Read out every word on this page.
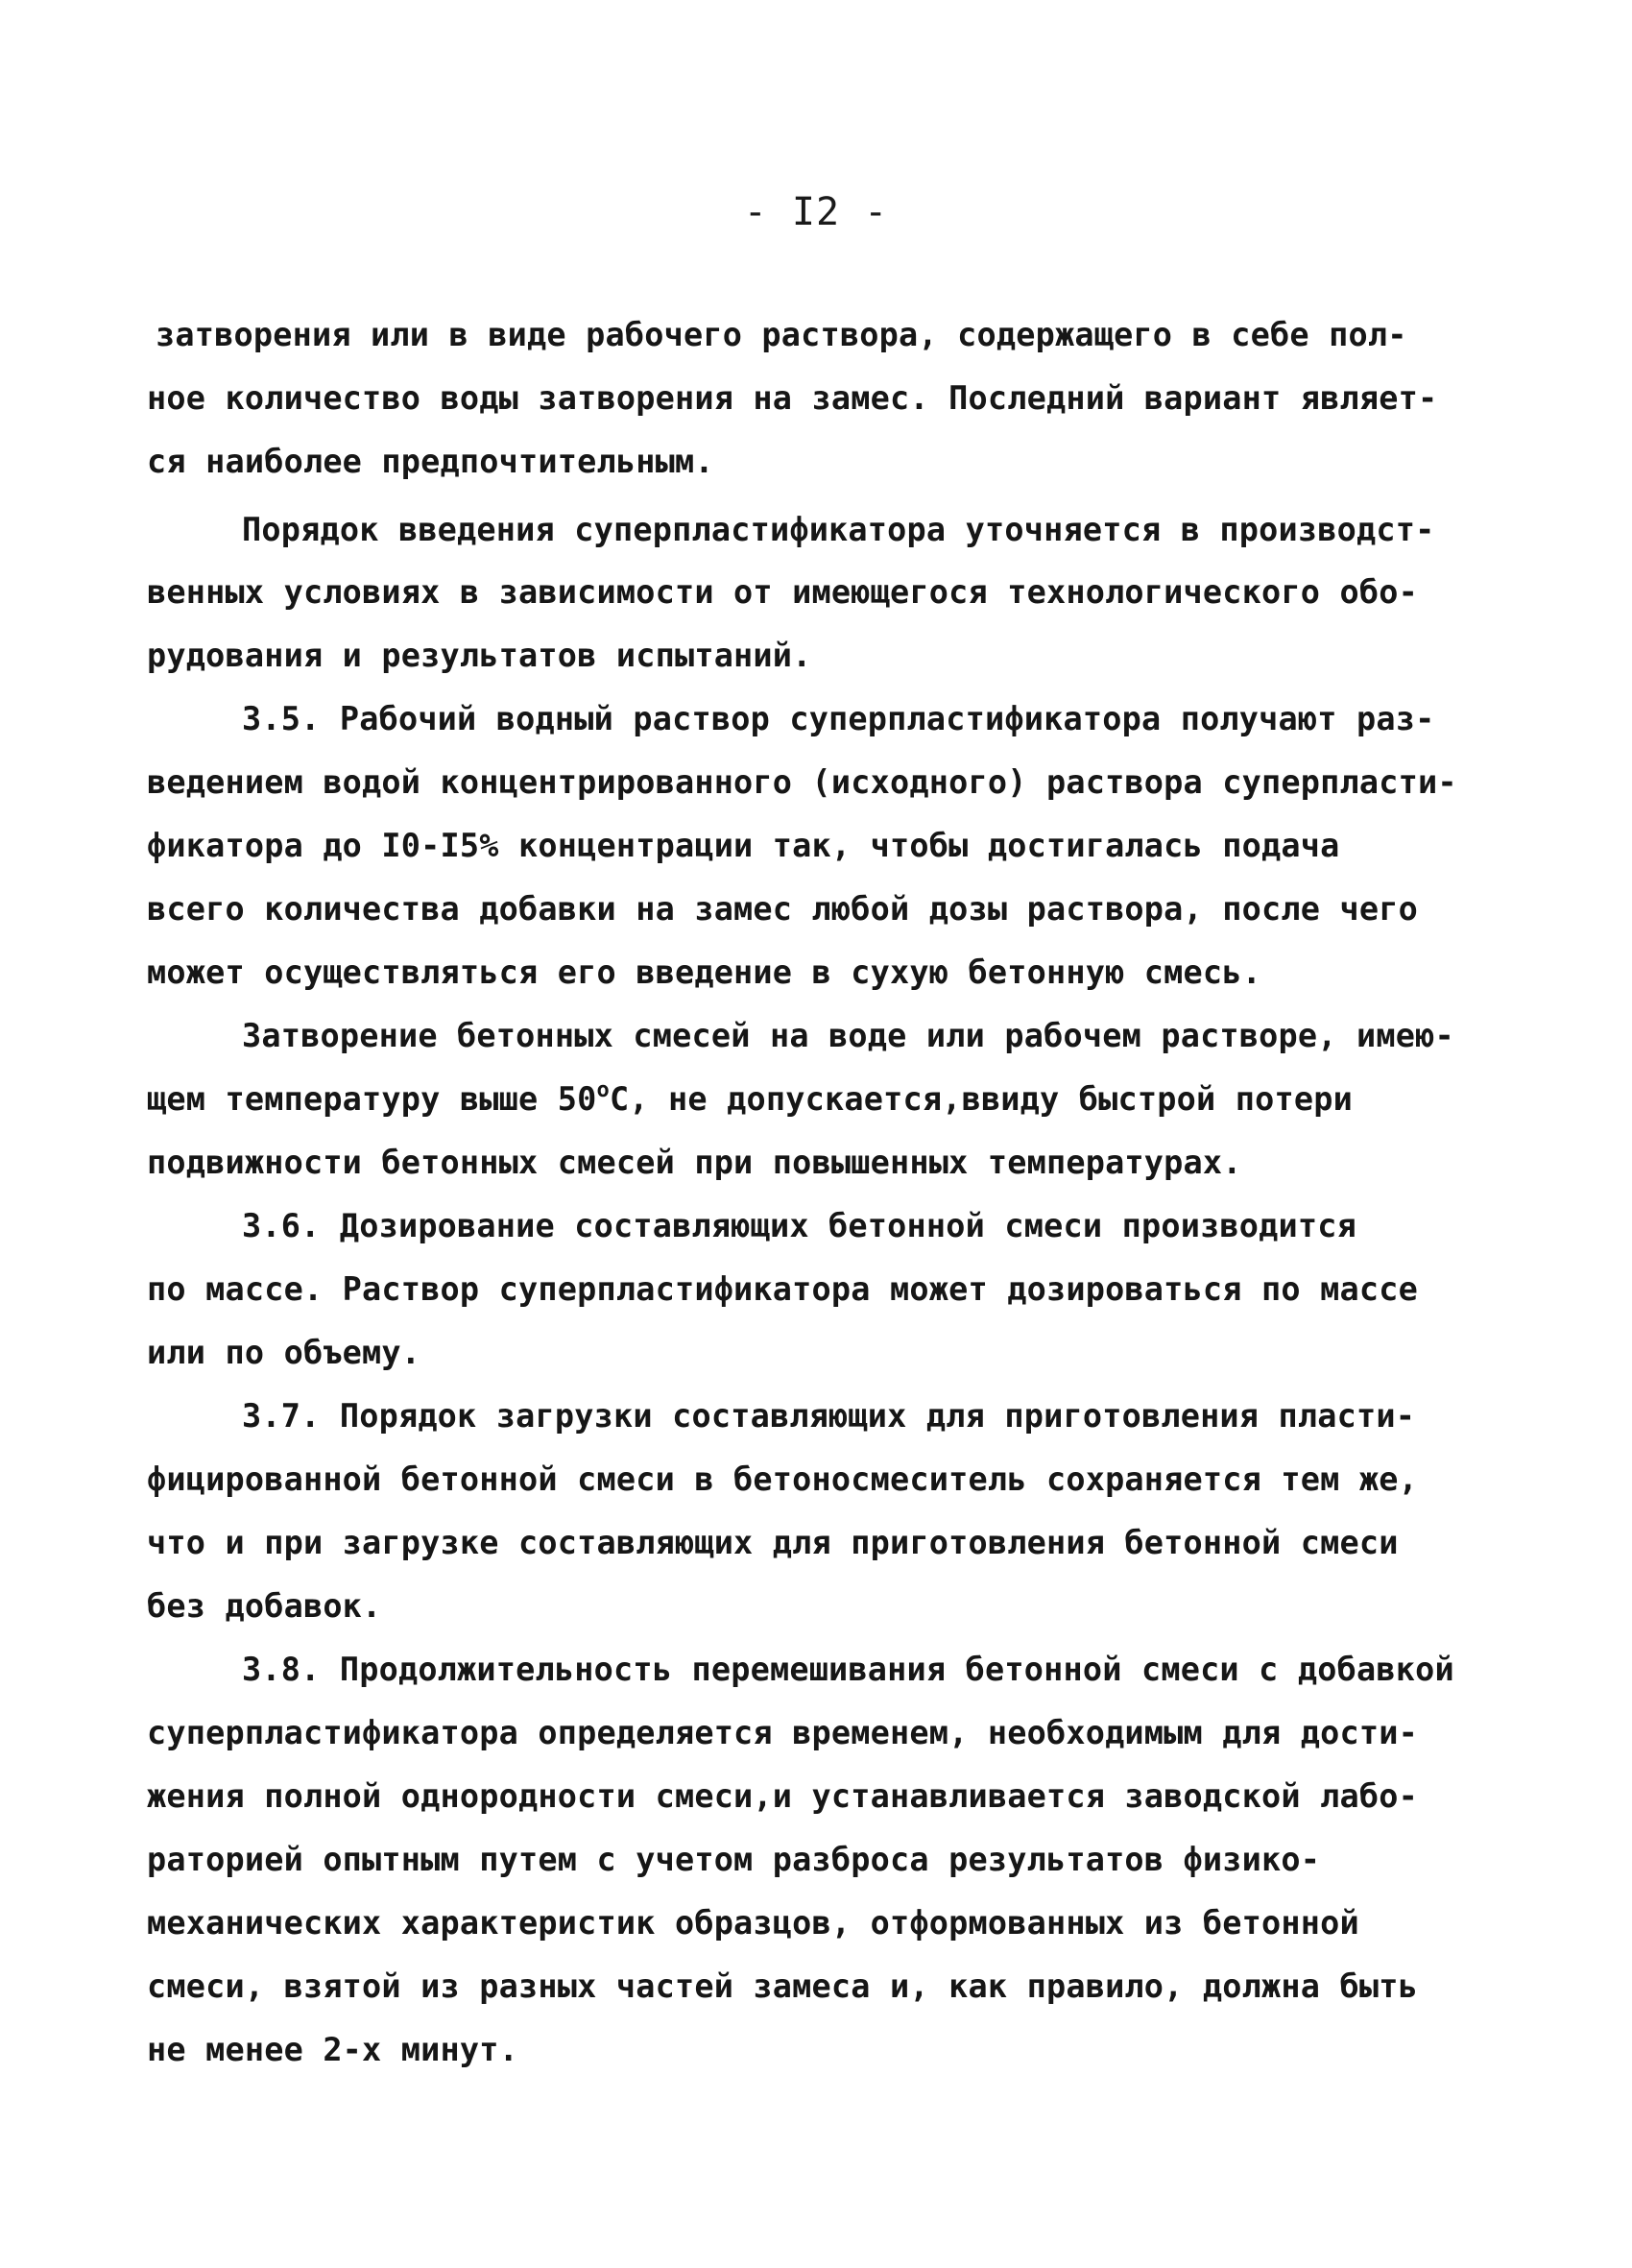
- I2 -
затворения или в виде рабочего раствора, содержащего в себе пол-
ное количество воды затворения на замес. Последний вариант являет-
ся наиболее предпочтительным.
Порядок введения суперпластификатора уточняется в производст-
венных условиях в зависимости от имеющегося технологического обо-
рудования и результатов испытаний.
3.5. Рабочий водный раствор суперпластификатора получают раз-
ведением водой концентрированного (исходного) раствора суперпласти-
фикатора до I0-I5% концентрации так, чтобы достигалась подача
всего количества добавки на замес любой дозы раствора, после чего
может осуществляться его введение в сухую бетонную смесь.
Затворение бетонных смесей на воде или рабочем растворе, имею-
щем температуру выше 50$^o$C, не допускается,ввиду быстрой потери
подвижности бетонных смесей при повышенных температурах.
3.6. Дозирование составляющих бетонной смеси производится
по массе. Раствор суперпластификатора может дозироваться по массе
или по объему.
3.7. Порядок загрузки составляющих для приготовления пласти-
фицированной бетонной смеси в бетоносмеситель сохраняется тем же,
что и при загрузке составляющих для приготовления бетонной смеси
без добавок.
3.8. Продолжительность перемешивания бетонной смеси с добавкой
суперпластификатора определяется временем, необходимым для дости-
жения полной однородности смеси,и устанавливается заводской лабо-
раторией опытным путем с учетом разброса результатов физико-
механических характеристик образцов, отформованных из бетонной
смеси, взятой из разных частей замеса и, как правило, должна быть
не менее 2-х минут.
